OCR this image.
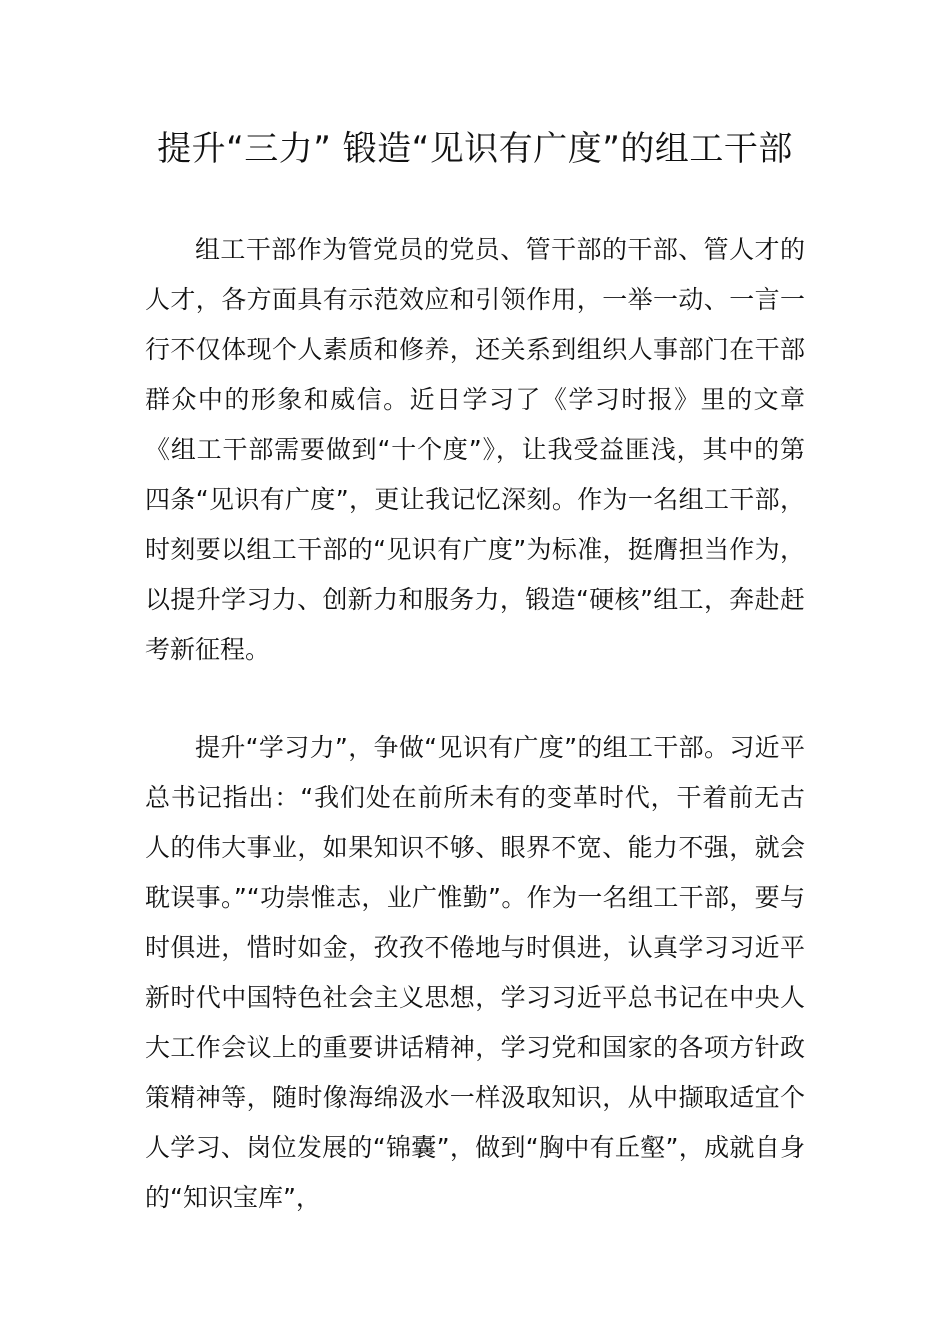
提升“三力” 锻造“见识有广度”的组工干部

组工干部作为管党员的党员、管干部的干部、管人才的人才，各方面具有示范效应和引领作用，一举一动、一言一行不仅体现个人素质和修养，还关系到组织人事部门在干部群众中的形象和威信。近日学习了《学习时报》里的文章《组工干部需要做到“十个度”》，让我受益匪浅，其中的第四条“见识有广度”，更让我记忆深刻。作为一名组工干部，时刻要以组工干部的“见识有广度”为标准，挺膺担当作为，以提升学习力、创新力和服务力，锻造“硬核”组工，奔赴赶考新征程。

提升“学习力”，争做“见识有广度”的组工干部。习近平总书记指出：“我们处在前所未有的变革时代，干着前无古人的伟大事业，如果知识不够、眼界不宽、能力不强，就会耽误事。”“功崇惟志，业广惟勤”。作为一名组工干部，要与时俱进，惜时如金，孜孜不倦地与时俱进，认真学习习近平新时代中国特色社会主义思想，学习习近平总书记在中央人大工作会议上的重要讲话精神，学习党和国家的各项方针政策精神等，随时像海绵汲水一样汲取知识，从中撷取适宜个人学习、岗位发展的“锦囊”，做到“胸中有丘壑”，成就自身的“知识宝库”，
